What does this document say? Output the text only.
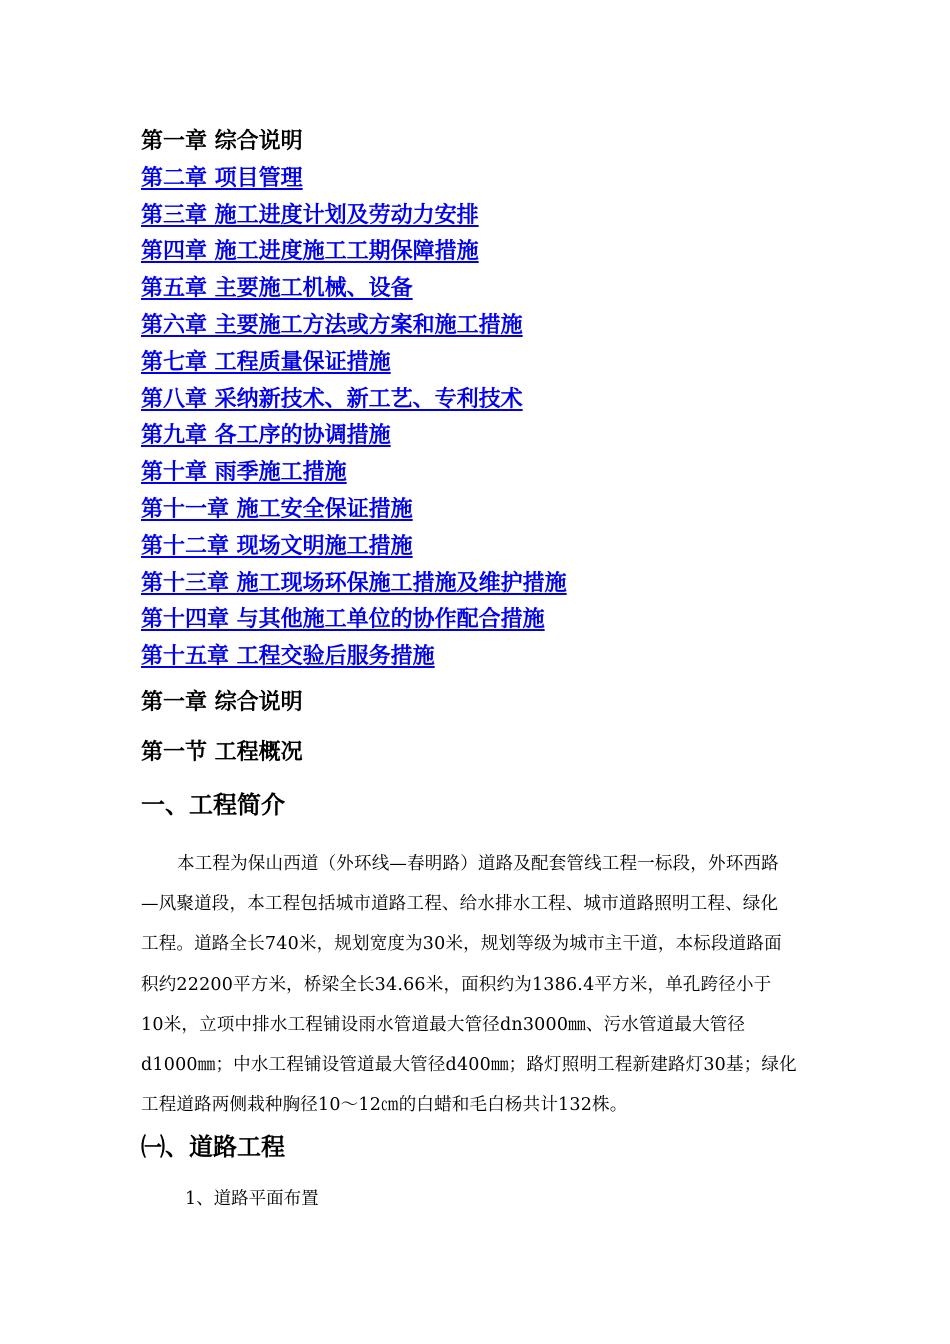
第一章 综合说明
第二章 项目管理
第三章 施工进度计划及劳动力安排
第四章 施工进度施工工期保障措施
第五章 主要施工机械、设备
第六章 主要施工方法或方案和施工措施
第七章 工程质量保证措施
第八章 采纳新技术、新工艺、专利技术
第九章 各工序的协调措施
第十章 雨季施工措施
第十一章 施工安全保证措施
第十二章 现场文明施工措施
第十三章 施工现场环保施工措施及维护措施
第十四章 与其他施工单位的协作配合措施
第十五章 工程交验后服务措施
第一章 综合说明
第一节 工程概况
一、工程简介
本工程为保山西道（外环线—春明路）道路及配套管线工程一标段，外环西路
—风聚道段，本工程包括城市道路工程、给水排水工程、城市道路照明工程、绿化
工程。道路全长740米，规划宽度为30米，规划等级为城市主干道，本标段道路面
积约22200平方米，桥梁全长34.66米，面积约为1386.4平方米，单孔跨径小于
10米，立项中排水工程铺设雨水管道最大管径dn3000㎜、污水管道最大管径
d1000㎜；中水工程铺设管道最大管径d400㎜；路灯照明工程新建路灯30基；绿化
工程道路两侧栽种胸径10～12㎝的白蜡和毛白杨共计132株。
㈠、道路工程
1、道路平面布置
